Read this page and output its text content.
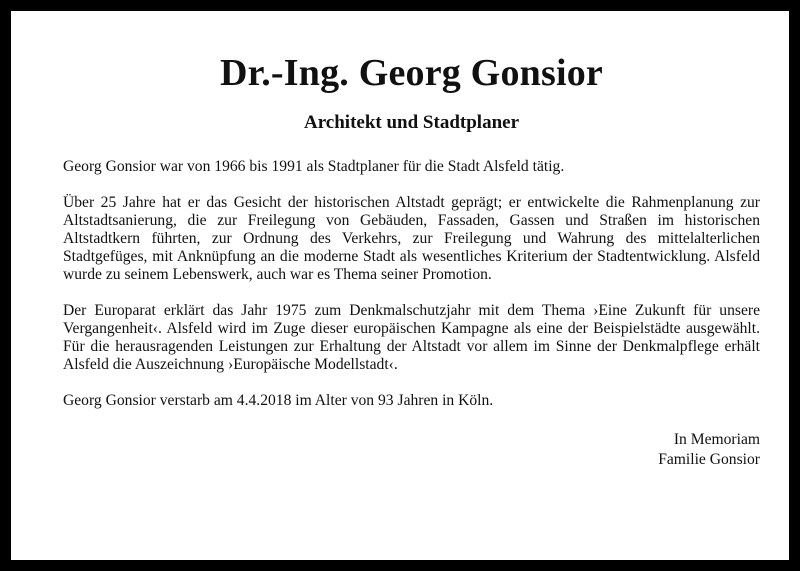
Dr.-Ing. Georg Gonsior
Architekt und Stadtplaner

Georg Gonsior war von 1966 bis 1991 als Stadtplaner für die Stadt Alsfeld tätig.

Über 25 Jahre hat er das Gesicht der historischen Altstadt geprägt; er entwickelte die Rahmenplanung zur Altstadtsanierung, die zur Freilegung von Gebäuden, Fassaden, Gassen und Straßen im historischen Altstadtkern führten, zur Ordnung des Verkehrs, zur Freilegung und Wahrung des mittelalterlichen Stadtgefüges, mit Anknüpfung an die moderne Stadt als wesentliches Kriterium der Stadtentwicklung. Alsfeld wurde zu seinem Lebenswerk, auch war es Thema seiner Promotion.

Der Europarat erklärt das Jahr 1975 zum Denkmalschutzjahr mit dem Thema ›Eine Zukunft für unsere Vergangenheit‹. Alsfeld wird im Zuge dieser europäischen Kampagne als eine der Beispielstädte ausgewählt. Für die herausragenden Leistungen zur Erhaltung der Altstadt vor allem im Sinne der Denkmalpflege erhält Alsfeld die Auszeichnung ›Europäische Modellstadt‹.

Georg Gonsior verstarb am 4.4.2018 im Alter von 93 Jahren in Köln.

In Memoriam
Familie Gonsior
